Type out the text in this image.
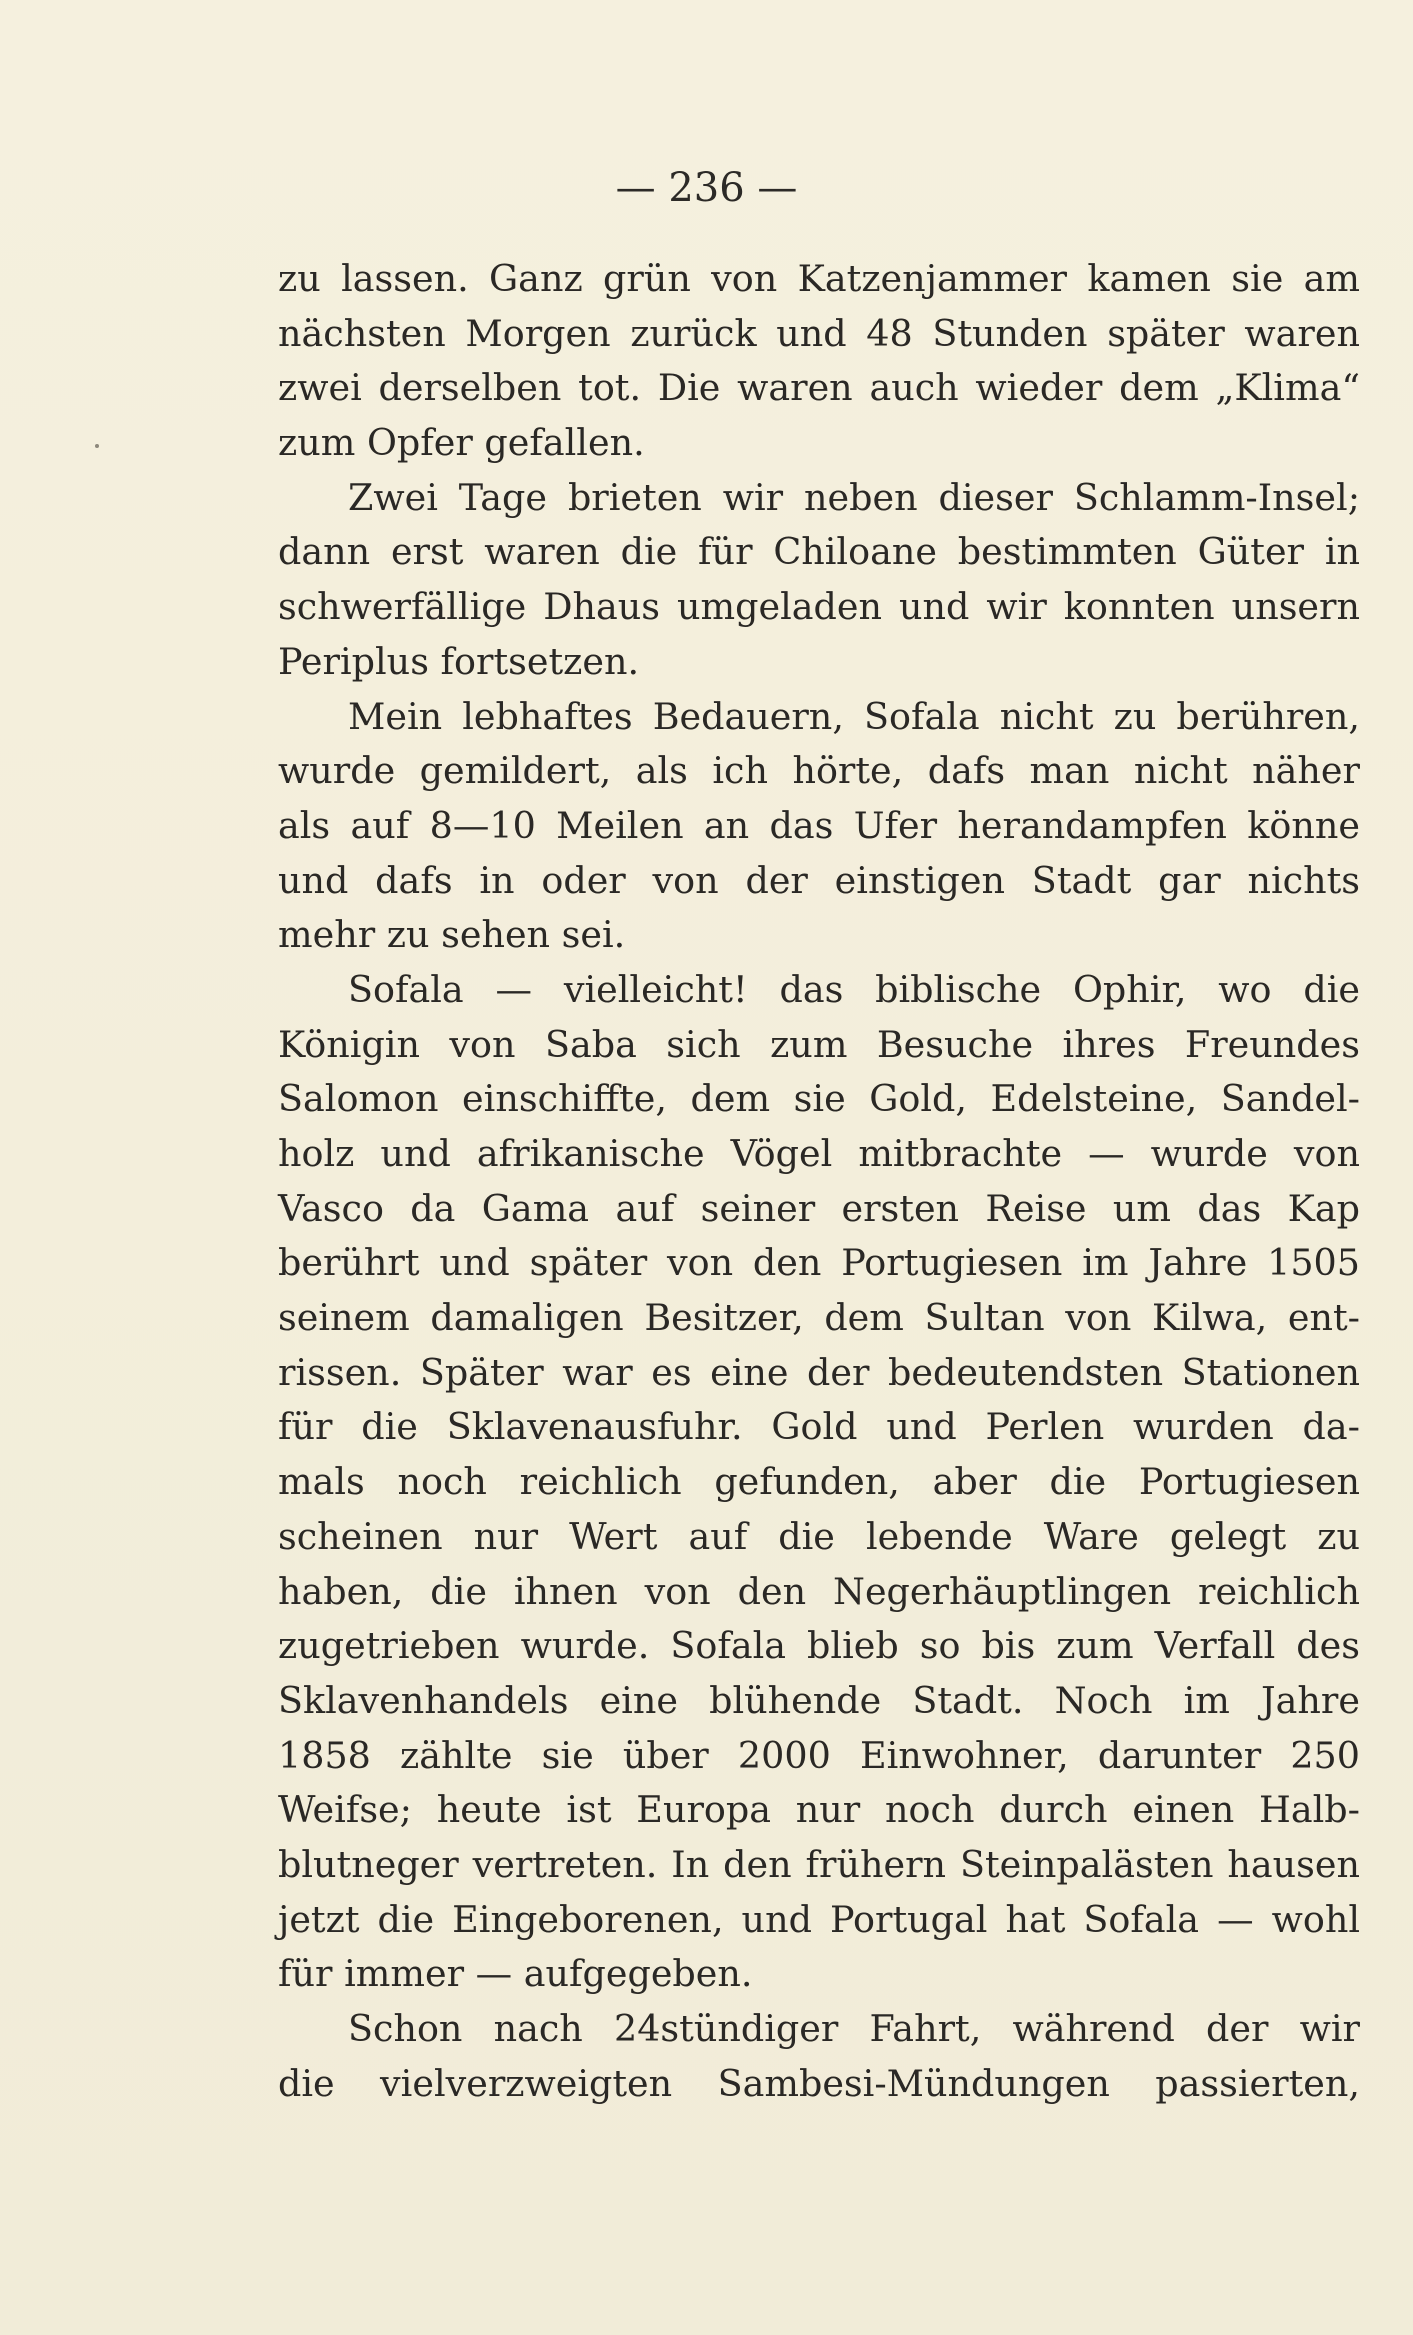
— 236 —
zu lassen. Ganz grün von Katzenjammer kamen sie am
nächsten Morgen zurück und 48 Stunden später waren
zwei derselben tot. Die waren auch wieder dem „Klima“
zum Opfer gefallen.
Zwei Tage brieten wir neben dieser Schlamm-Insel;
dann erst waren die für Chiloane bestimmten Güter in
schwerfällige Dhaus umgeladen und wir konnten unsern
Periplus fortsetzen.
Mein lebhaftes Bedauern, Sofala nicht zu berühren,
wurde gemildert, als ich hörte, dafs man nicht näher
als auf 8—10 Meilen an das Ufer herandampfen könne
und dafs in oder von der einstigen Stadt gar nichts
mehr zu sehen sei.
Sofala — vielleicht! das biblische Ophir, wo die
Königin von Saba sich zum Besuche ihres Freundes
Salomon einschiffte, dem sie Gold, Edelsteine, Sandel-
holz und afrikanische Vögel mitbrachte — wurde von
Vasco da Gama auf seiner ersten Reise um das Kap
berührt und später von den Portugiesen im Jahre 1505
seinem damaligen Besitzer, dem Sultan von Kilwa, ent-
rissen. Später war es eine der bedeutendsten Stationen
für die Sklavenausfuhr. Gold und Perlen wurden da-
mals noch reichlich gefunden, aber die Portugiesen
scheinen nur Wert auf die lebende Ware gelegt zu
haben, die ihnen von den Negerhäuptlingen reichlich
zugetrieben wurde. Sofala blieb so bis zum Verfall des
Sklavenhandels eine blühende Stadt. Noch im Jahre
1858 zählte sie über 2000 Einwohner, darunter 250
Weifse; heute ist Europa nur noch durch einen Halb-
blutneger vertreten. In den frühern Steinpalästen hausen
jetzt die Eingeborenen, und Portugal hat Sofala — wohl
für immer — aufgegeben.
Schon nach 24stündiger Fahrt, während der wir
die vielverzweigten Sambesi-Mündungen passierten,
